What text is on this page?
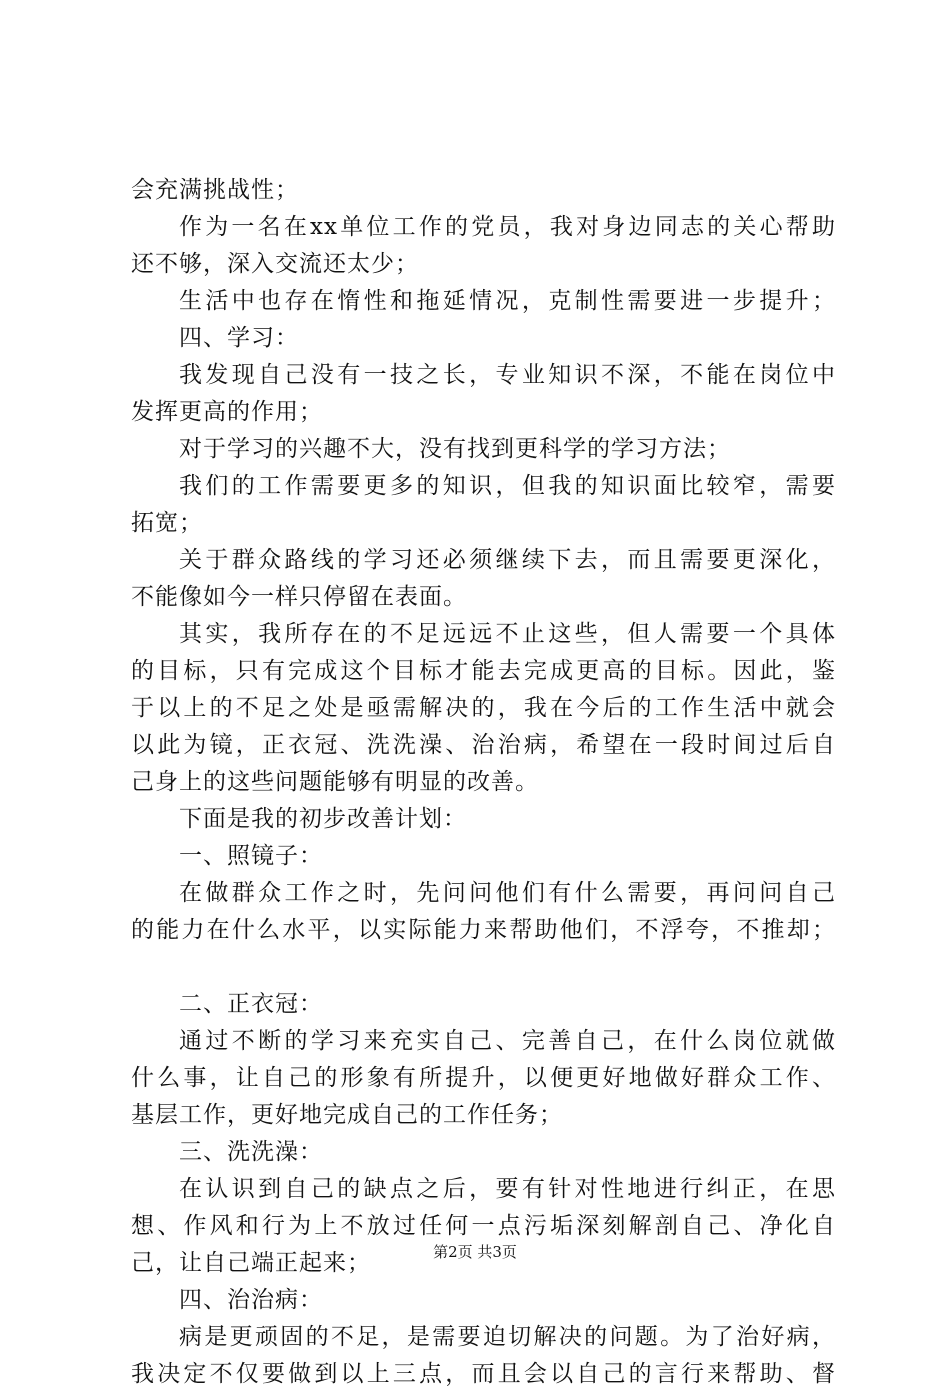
会充满挑战性；
作为一名在xx单位工作的党员，我对身边同志的关心帮助
还不够，深入交流还太少；
生活中也存在惰性和拖延情况，克制性需要进一步提升；
四、学习：
我发现自己没有一技之长，专业知识不深，不能在岗位中
发挥更高的作用；
对于学习的兴趣不大，没有找到更科学的学习方法；
我们的工作需要更多的知识，但我的知识面比较窄，需要
拓宽；
关于群众路线的学习还必须继续下去，而且需要更深化，
不能像如今一样只停留在表面。
其实，我所存在的不足远远不止这些，但人需要一个具体
的目标，只有完成这个目标才能去完成更高的目标。因此，鉴
于以上的不足之处是亟需解决的，我在今后的工作生活中就会
以此为镜，正衣冠、洗洗澡、治治病，希望在一段时间过后自
己身上的这些问题能够有明显的改善。
下面是我的初步改善计划：
一、照镜子：
在做群众工作之时，先问问他们有什么需要，再问问自己
的能力在什么水平，以实际能力来帮助他们，不浮夸，不推却；
二、正衣冠：
通过不断的学习来充实自己、完善自己，在什么岗位就做
什么事，让自己的形象有所提升，以便更好地做好群众工作、
基层工作，更好地完成自己的工作任务；
三、洗洗澡：
在认识到自己的缺点之后，要有针对性地进行纠正，在思
想、作风和行为上不放过任何一点污垢深刻解剖自己、净化自
己，让自己端正起来；
四、治治病：
病是更顽固的不足，是需要迫切解决的问题。为了治好病，
我决定不仅要做到以上三点，而且会以自己的言行来帮助、督
第2页 共3页
